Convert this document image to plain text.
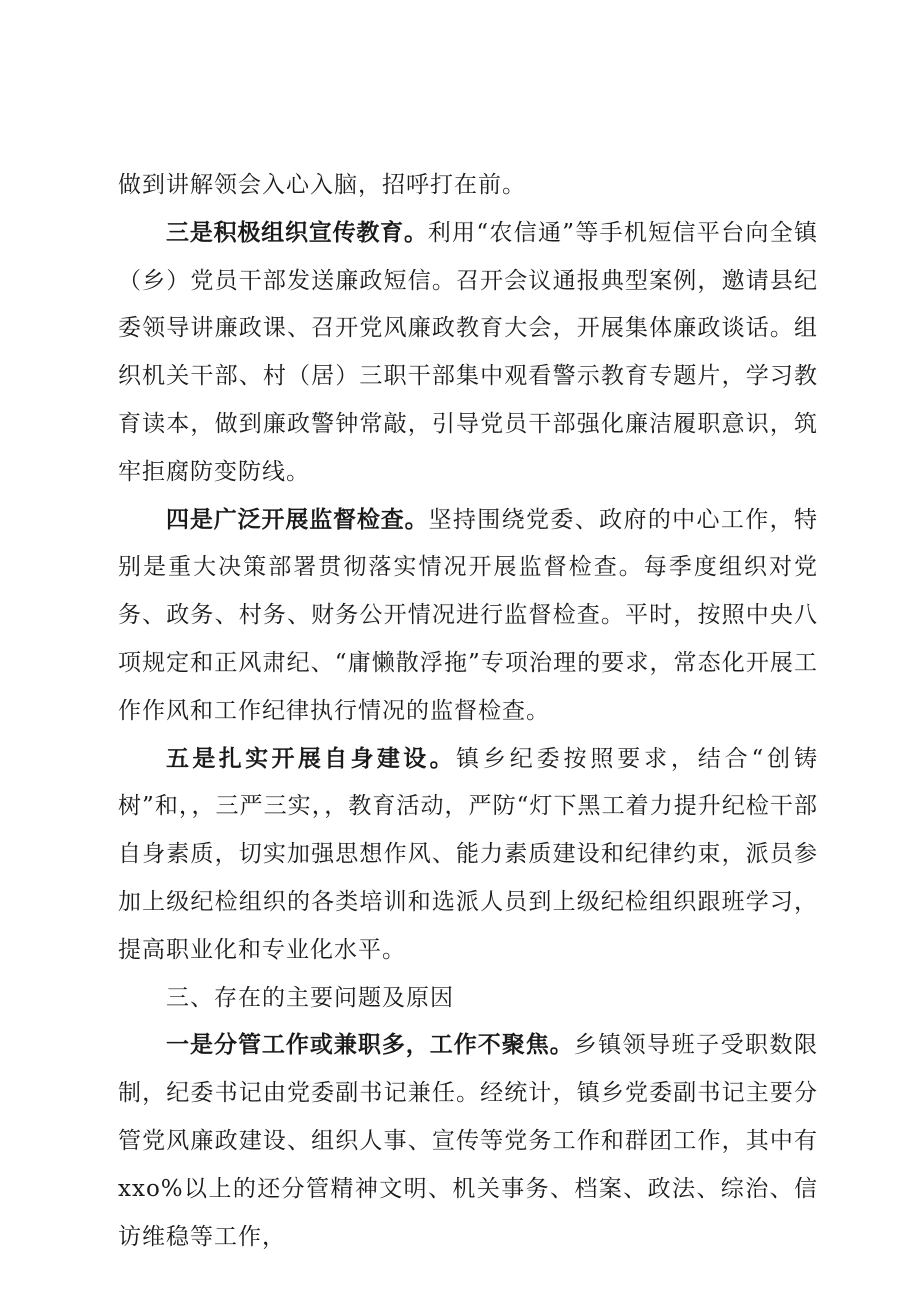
做到讲解领会入心入脑，招呼打在前。

三是积极组织宣传教育。利用“农信通”等手机短信平台向全镇（乡）党员干部发送廉政短信。召开会议通报典型案例，邀请县纪委领导讲廉政课、召开党风廉政教育大会，开展集体廉政谈话。组织机关干部、村（居）三职干部集中观看警示教育专题片，学习教育读本，做到廉政警钟常敲，引导党员干部强化廉洁履职意识，筑牢拒腐防变防线。

四是广泛开展监督检查。坚持围绕党委、政府的中心工作，特别是重大决策部署贯彻落实情况开展监督检查。每季度组织对党务、政务、村务、财务公开情况进行监督检查。平时，按照中央八项规定和正风肃纪、“庸懒散浮拖”专项治理的要求，常态化开展工作作风和工作纪律执行情况的监督检查。

五是扎实开展自身建设。镇乡纪委按照要求，结合“创铸树”和，，三严三实，，教育活动，严防“灯下黑工着力提升纪检干部自身素质，切实加强思想作风、能力素质建设和纪律约束，派员参加上级纪检组织的各类培训和选派人员到上级纪检组织跟班学习，提高职业化和专业化水平。

三、存在的主要问题及原因

一是分管工作或兼职多，工作不聚焦。乡镇领导班子受职数限制，纪委书记由党委副书记兼任。经统计，镇乡党委副书记主要分管党风廉政建设、组织人事、宣传等党务工作和群团工作，其中有 xxo%以上的还分管精神文明、机关事务、档案、政法、综治、信访维稳等工作，
